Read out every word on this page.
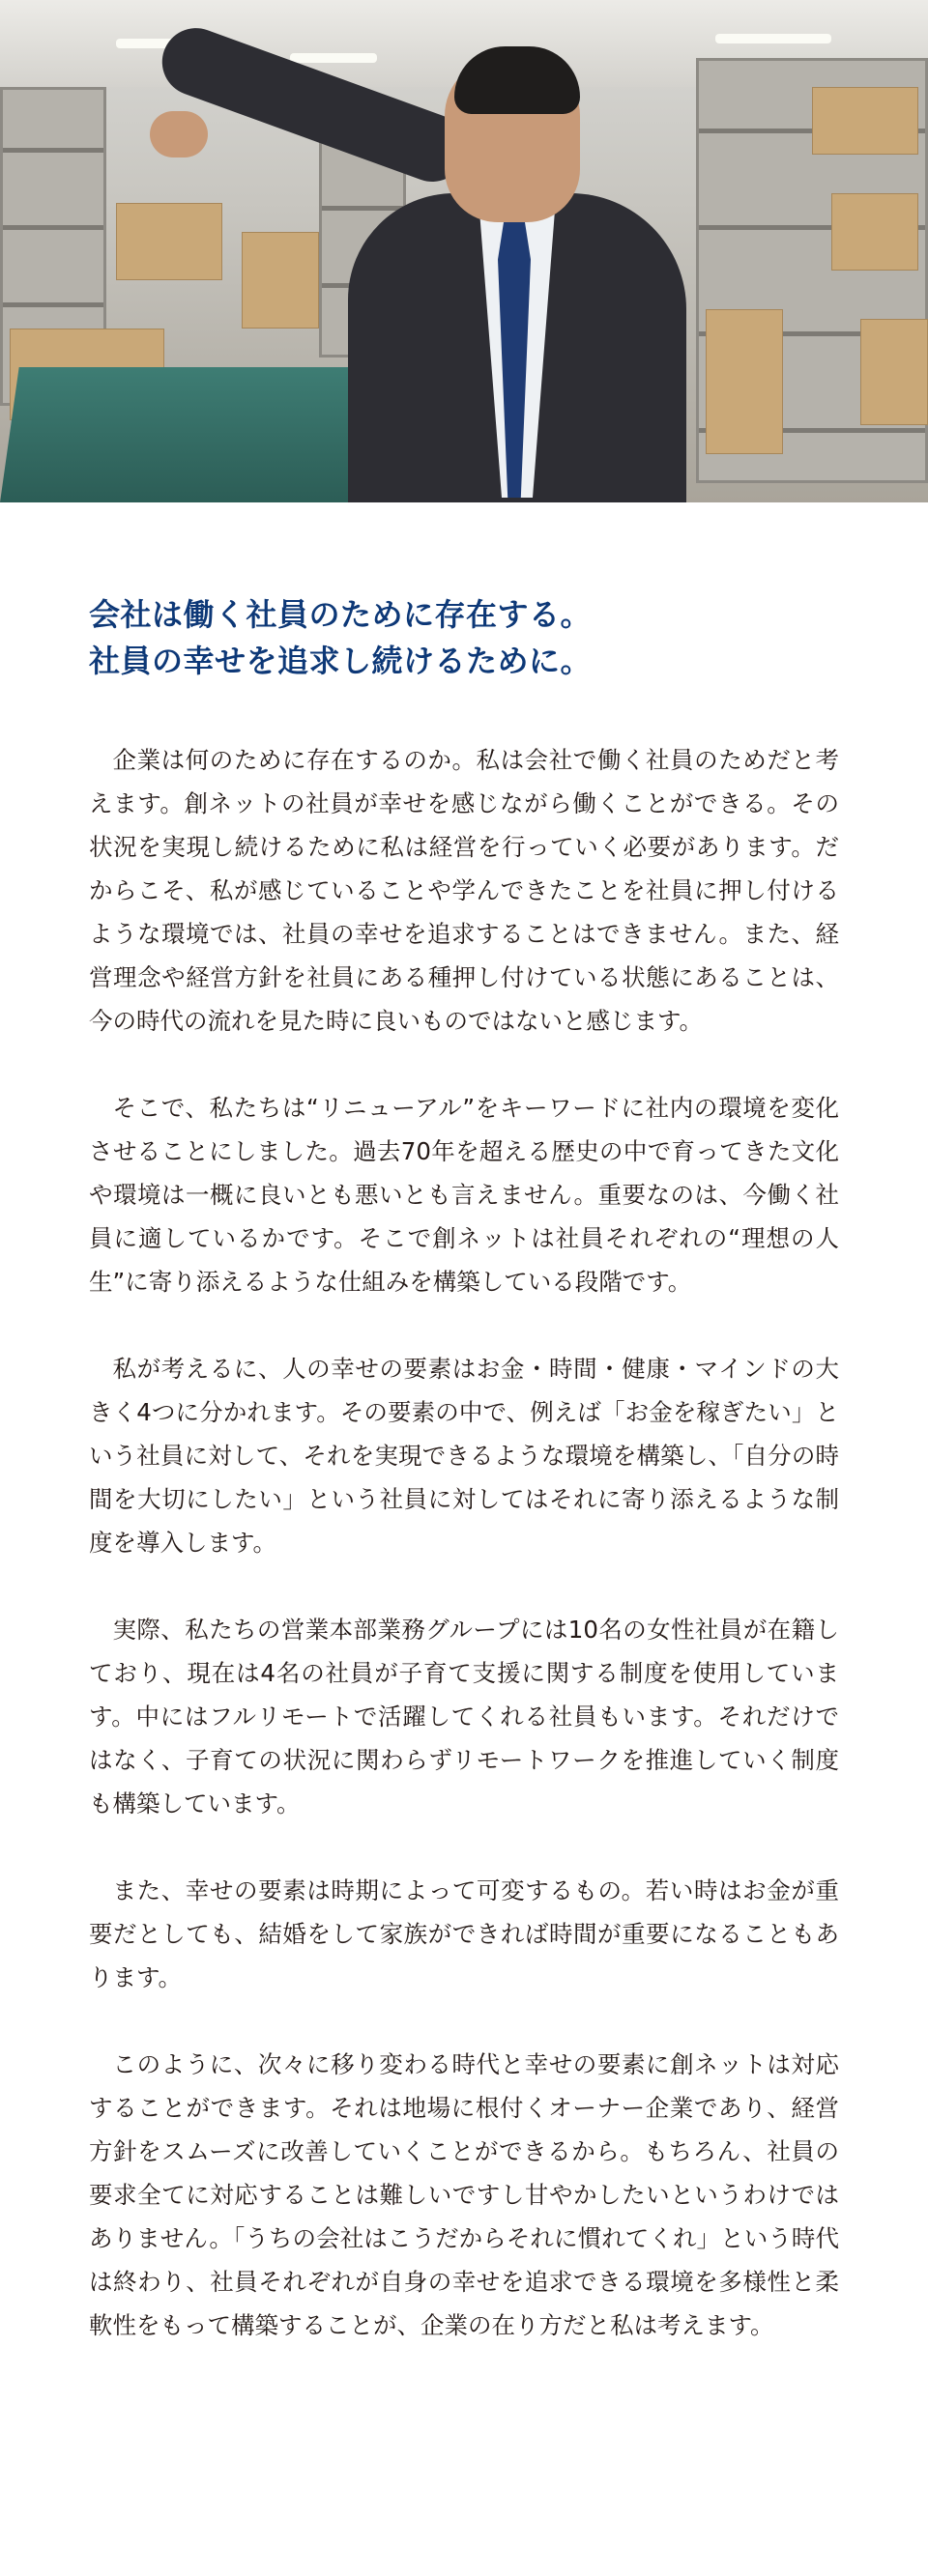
会社は働く社員のために存在する。
社員の幸せを追求し続けるために。

企業は何のために存在するのか。私は会社で働く社員のためだと考えます。創ネットの社員が幸せを感じながら働くことができる。その状況を実現し続けるために私は経営を行っていく必要があります。だからこそ、私が感じていることや学んできたことを社員に押し付けるような環境では、社員の幸せを追求することはできません。また、経営理念や経営方針を社員にある種押し付けている状態にあることは、今の時代の流れを見た時に良いものではないと感じます。

そこで、私たちは“リニューアル”をキーワードに社内の環境を変化させることにしました。過去70年を超える歴史の中で育ってきた文化や環境は一概に良いとも悪いとも言えません。重要なのは、今働く社員に適しているかです。そこで創ネットは社員それぞれの“理想の人生”に寄り添えるような仕組みを構築している段階です。

私が考えるに、人の幸せの要素はお金・時間・健康・マインドの大きく4つに分かれます。その要素の中で、例えば「お金を稼ぎたい」という社員に対して、それを実現できるような環境を構築し、「自分の時間を大切にしたい」という社員に対してはそれに寄り添えるような制度を導入します。

実際、私たちの営業本部業務グループには10名の女性社員が在籍しており、現在は4名の社員が子育て支援に関する制度を使用しています。中にはフルリモートで活躍してくれる社員もいます。それだけではなく、子育ての状況に関わらずリモートワークを推進していく制度も構築しています。

また、幸せの要素は時期によって可変するもの。若い時はお金が重要だとしても、結婚をして家族ができれば時間が重要になることもあります。

このように、次々に移り変わる時代と幸せの要素に創ネットは対応することができます。それは地場に根付くオーナー企業であり、経営方針をスムーズに改善していくことができるから。もちろん、社員の要求全てに対応することは難しいですし甘やかしたいというわけではありません。「うちの会社はこうだからそれに慣れてくれ」という時代は終わり、社員それぞれが自身の幸せを追求できる環境を多様性と柔軟性をもって構築することが、企業の在り方だと私は考えます。
